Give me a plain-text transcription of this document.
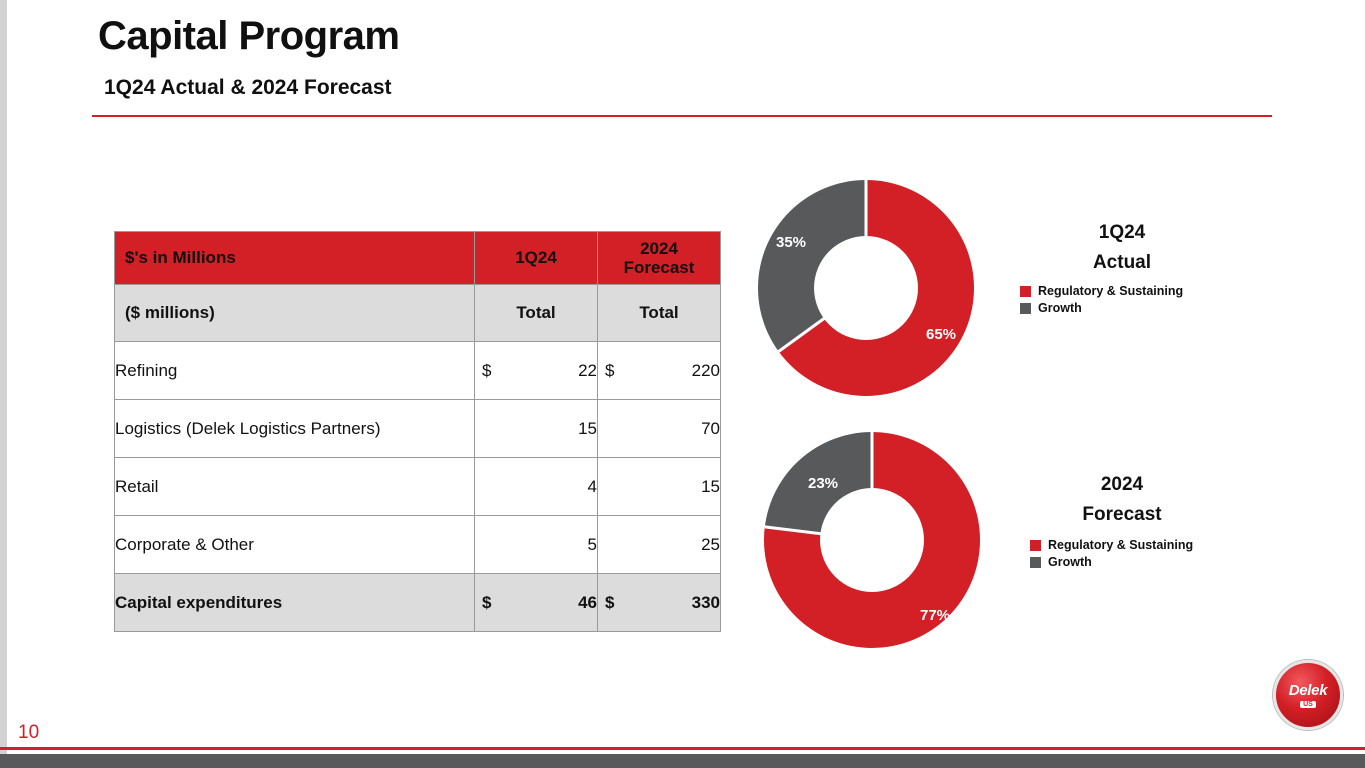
Capital Program
1Q24 Actual & 2024 Forecast
$'s in Millions	1Q24	2024
Forecast

($ millions)	Total	Total
Refining	$ 22	$ 220
Logistics (Delek Logistics Partners)	15	70
Retail	4	15
Corporate & Other	5	25
Capital expenditures	$ 46	$ 330
65%
35%	1Q24
Actual
Regulatory & Sustaining
Growth
77%
23%	2024
Forecast
Regulatory & Sustaining
Growth
Delek
US
10
